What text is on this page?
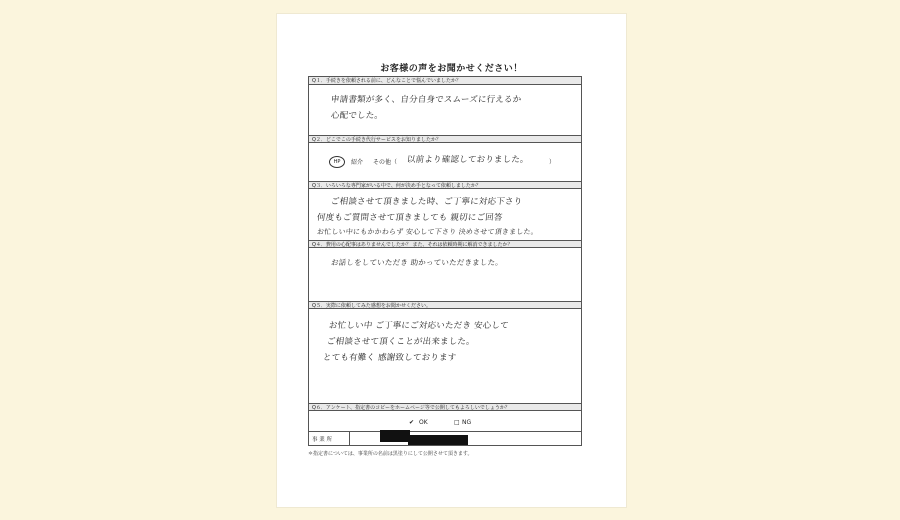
お客様の声をお聞かせください！
Q１．手続きを依頼される前に、どんなことで悩んでいましたか？
申請書類が多く、自分自身でスムーズに行えるか
心配でした。
Q２．どこでこの手続き代行サービスをお知りましたか？
HP	紹介 その他（ 以前より確認しておりました。	）
Q３．いろいろな専門家がいる中で、何が決め手となって依頼しましたか？
ご相談させて頂きました時、ご丁寧に対応下さり
何度もご質問させて頂きましても 親切にご回答
お忙しい中にもかかわらず 安心して下さり 決めさせて頂きました。
Q４．費用の心配事はありませんでしたか？ また、それは依頼時期に解消できましたか？
お話しをしていただき 助かっていただきました。
Q５．実際に依頼してみた感想をお聞かせください。
お忙しい中 ご丁寧にご対応いただき 安心して
ご相談させて頂くことが出来ました。
とても有難く 感謝致しております
Q６．アンケート、指定書のコピーをホームページ等で公開してもよろしいでしょうか？
✔ OK	□ NG
事 業 所
＊指定書については、事業所の名前は黒塗りにして公開させて頂きます。
